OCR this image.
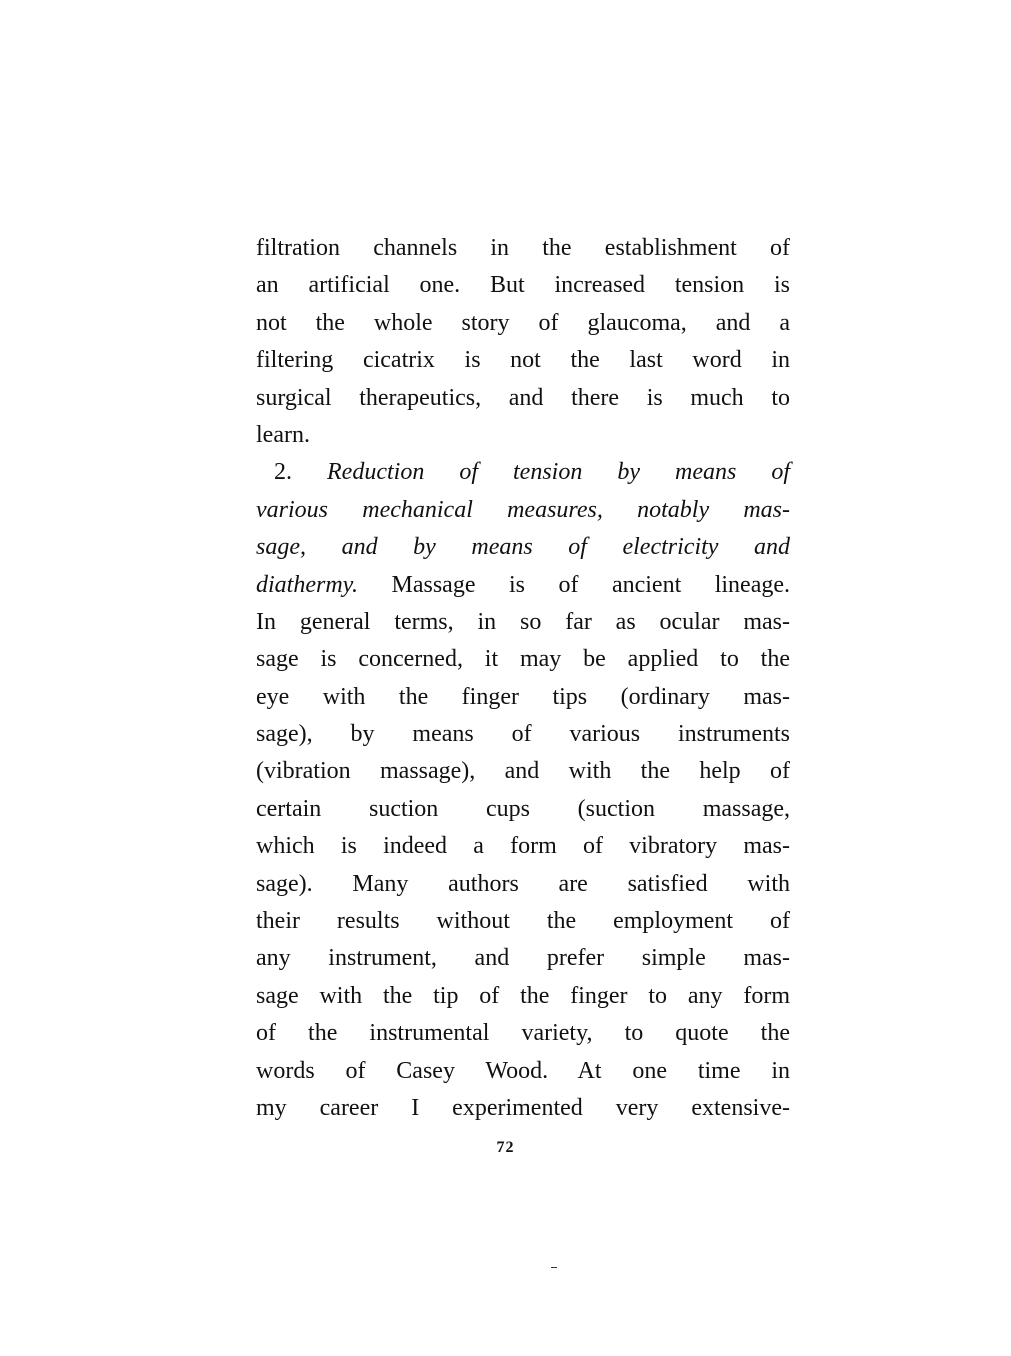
filtration channels in the establishment of
an artificial one. But increased tension is
not the whole story of glaucoma, and a
filtering cicatrix is not the last word in
surgical therapeutics, and there is much to
learn.
2. Reduction of tension by means of
various mechanical measures, notably mas-
sage, and by means of electricity and
diathermy. Massage is of ancient lineage.
In general terms, in so far as ocular mas-
sage is concerned, it may be applied to the
eye with the finger tips (ordinary mas-
sage), by means of various instruments
(vibration massage), and with the help of
certain suction cups (suction massage,
which is indeed a form of vibratory mas-
sage). Many authors are satisfied with
their results without the employment of
any instrument, and prefer simple mas-
sage with the tip of the finger to any form
of the instrumental variety, to quote the
words of Casey Wood. At one time in
my career I experimented very extensive-
72
